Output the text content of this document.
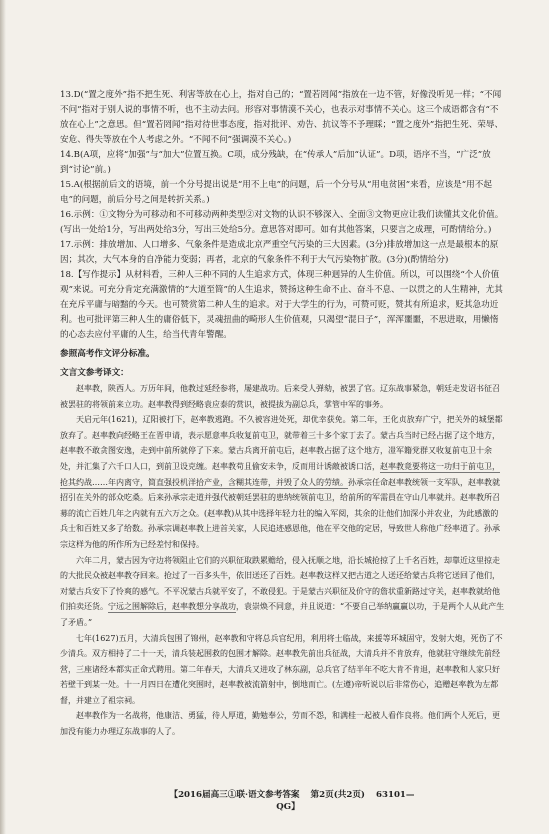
13.D(“置之度外”指不把生死、利害等放在心上，指对自己的；“置若罔闻”指放在一边不管，好像没听见一样；“不闻不问”指对于别人说的事情不听，也不主动去问。形容对事情漠不关心，也表示对事情不关心。这三个成语都含有“不放在心上”之意思。但“置若罔闻”指对待世事态度，指对批评、劝告、抗议等不予理睬；“置之度外”指把生死、荣辱、安危、得失等放在个人考虑之外。“不闻不问”强调漠不关心。)

14.B(A项，应将“加强”与“加大”位置互换。C项，成分残缺，在“传承人”后加“认证”。D项，语序不当，“广泛”放到“讨论”前。)

15.A(根据前后文的语境，前一个分号提出说是“用不上电”的问题，后一个分号从“用电贫困”来看，应该是“用不起电”的问题，前后分号之间是转折关系。)

16.示例：①文物分为可移动和不可移动两种类型②对文物的认识不够深入、全面③文物更应让我们读懂其文化价值。(写出一处给1分，写出两处给3分，写出三处给5分。意思答对即可。如有其他答案，只要言之成理，可酌情给分。)

17.示例：排放增加、人口增多、气象条件是造成北京严重空气污染的三大因素。(3分)排放增加这一点是最根本的原因；其次，大气本身的自净能力变弱；再者，北京的气象条件不利于大气污染物扩散。(3分)(酌情给分)

18.【写作提示】从材料看，三种人三种不同的人生追求方式，体现三种迥异的人生价值。所以，可以围绕“个人价值观”来说。可充分肯定充满激情的“大道至简”的人生追求，赞扬这种生命不止、奋斗不息、一以贯之的人生精神，尤其在充斥平庸与暗黯的今天。也可赞赏第二种人生的追求。对于大学生的行为，可赞可贬，赞其有所追求，贬其急功近利。也可批评第三种人生的庸俗低下，灵魂扭曲的畸形人生价值观，只渴望“混日子”，浑浑噩噩，不思进取，用懒惰的心态去应付平庸的人生，给当代青年警醒。

参照高考作文评分标准。

文言文参考译文：

赵率教，陕西人。万历年间，他教过延经参将，屡建战功。后来受人弹劾，被罢了官。辽东战事紧急，朝廷走发诏书征召被罢驻的将领前来立功。赵率教得到经略袁应泰的赏识，被提拔为副总兵，掌管中军的事务。

天启元年(1621)，辽阳被打下，赵率教逃跑。不久被容进处死，却优幸获免。第二年，王化贞放弃广宁，把关外的城堡都放弃了。赵率教向经略王在晋申请，表示愿意率兵收复前屯卫，就带着三十多个家丁去了。蒙古兵当时已经占据了这个地方，赵率教不敢贪图安逸，走到中前所就停了下来。蒙古兵离开前屯后，赵率教占据了这个地方，凒军籍党群又收复前屯卫十余处，并汇集了六千口人口，到前卫设克缠。赵率教苟且偷安未争，反而用计诱敵被诱口活，赵率教竟要将这一功归于前屯卫，抢其约战……年内离守，简直强投机洋拾产业，含糊其连带，并毁了众人的劳绩。孙承宗任命赵率教统领一支军队，赵率教就招引在关外的部众吃桑。后来孙承宗走道并强代被朝廷罢驻的患纳统领前屯卫，给前所的军需員在守山几率就并。赵率教所召募的流亡百姓几年之内就有五六万之众。(赵率教)从其中选择年轻力壮的编入军阅，其余的让他们加深小并农业，为此感激的兵士和百姓又多了给数。孙承宗调赵率教上进首关家，人民追迹感恩他，他在平交他的定居，导致世人称他广经率道了。孙承宗这样为他的所作所为已经差忖和保持。

六年二月，蒙古因为守边将领阻止它们的兴职征取跌累赡给，侵入抚顺之地，沿长城抢掠了上千名百姓，却靠近这里掠走的大批民众被赵率教夺回来。抢过了一百多头牛，依旧送还了百姓。赵率教这样又把古道之人送还给蒙古兵将它送回了他们，对蒙古兵安下了怜爽的感气。不平况蒙古兵就平安了，不敢侵犯。于是蒙古兴职征及价守的詹状重新路过守关，赵率教就给他们拍卖还货。宁远之围解除后，赵率教想分享战功，袁崇焕不同意，并且说道：“不要自己举纳赢赢以功，于是两个人从此产生了矛盾。”

七年(1627)五月，大清兵包围了锦州，赵率教和守将总兵官纪用，利用将士临战，来援等环城固守，发射大炮，死伤了不少清兵。双方相持了二十一天，清兵装起围救的包围才解除。赵率教先前出兵征战，大清兵并不肯放弃，他就驻守继续先前经营，三座诸经本都实正命式聘用。第二年春天，大清兵又进攻了林东副，总兵官了结半年不吃大肯不肯退，赵率教和人家只好若壁干到某一处。十一月四日在遭化突围时，赵率教被流箭射中，倒地而亡。(左遵)帝听说以后非常伤心，追赠赵率教为左都督，并建立了祖宗祠。

赵率教作为一名战将，他康洁、勇猛，待人厚道，勤勉奉公，劳而不怨，和满桂一起被人看作良将。他们两个人死后，更加没有能力办理辽东战事的人了。

【2016届高三①联·语文参考答案 第2页(共2页) 63101—QG】
